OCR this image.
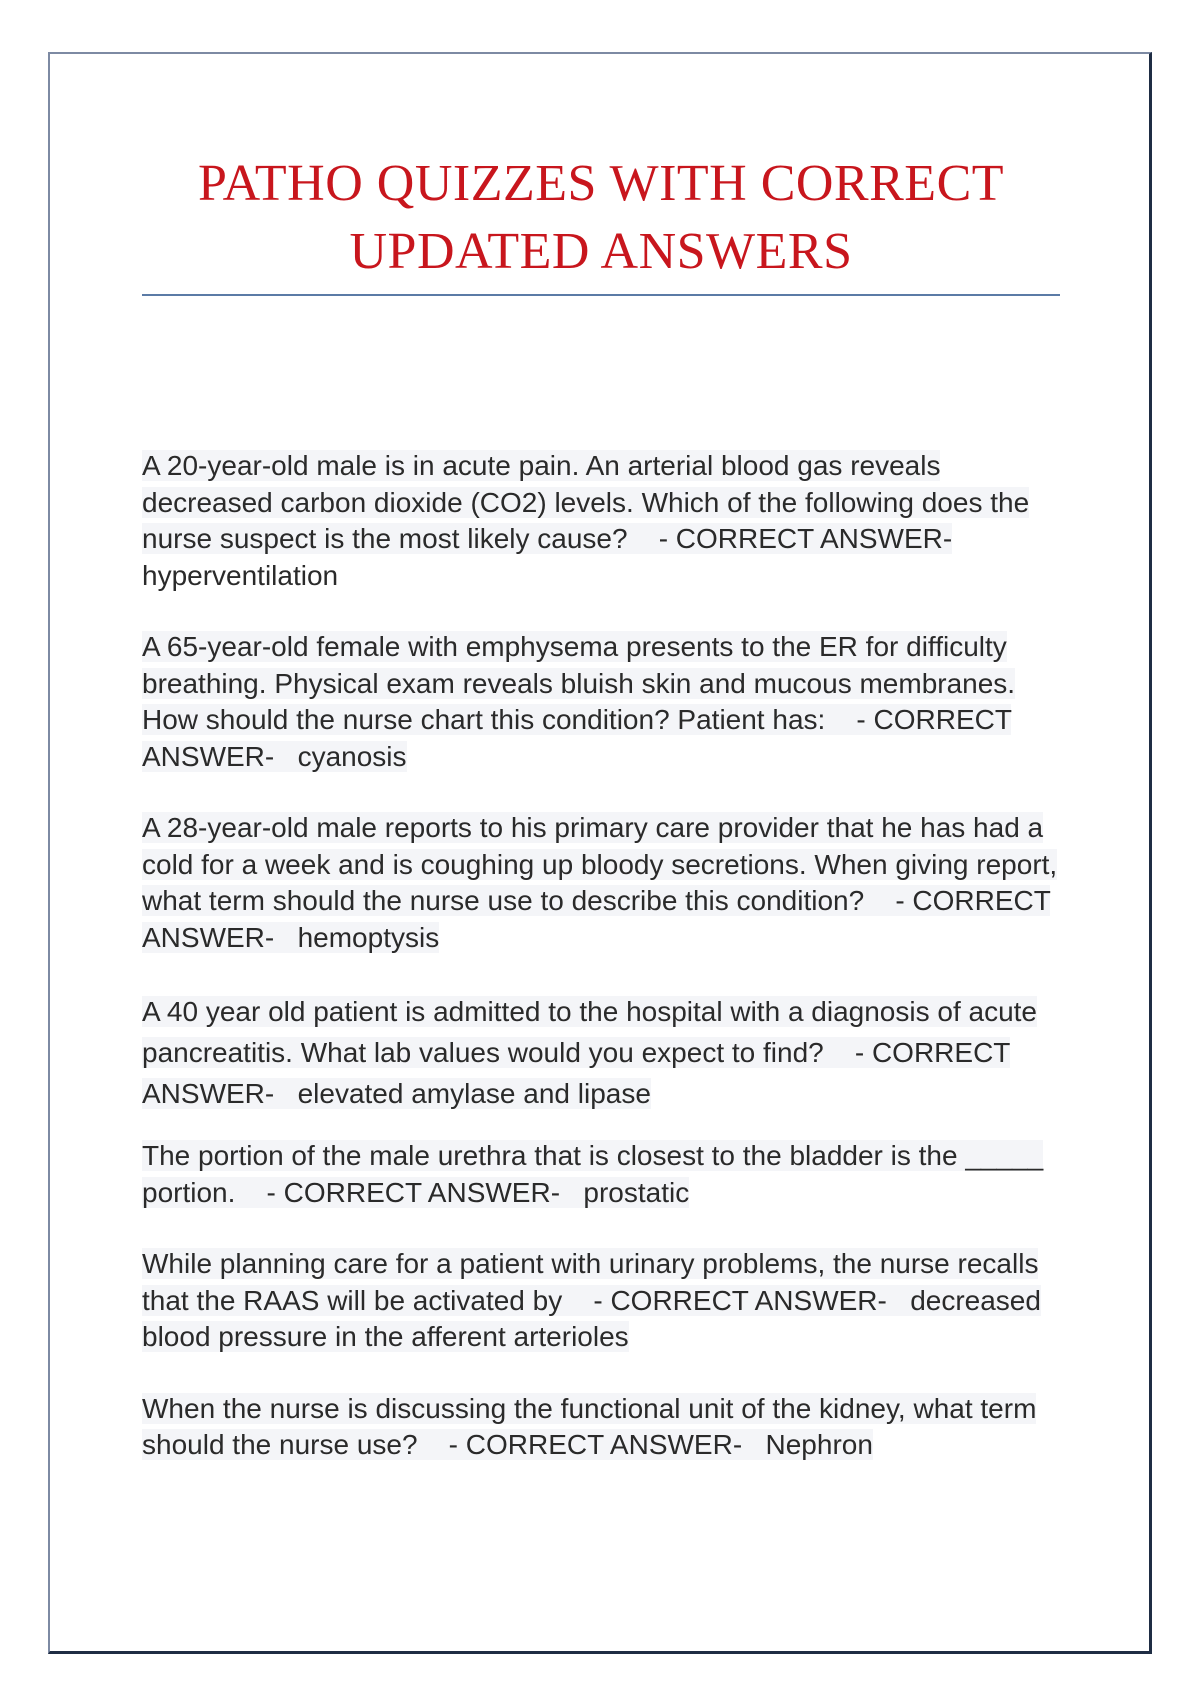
PATHO QUIZZES WITH CORRECT
UPDATED ANSWERS

A 20-year-old male is in acute pain. An arterial blood gas reveals decreased carbon dioxide (CO2) levels. Which of the following does the nurse suspect is the most likely cause? - CORRECT ANSWER-
hyperventilation

A 65-year-old female with emphysema presents to the ER for difficulty breathing. Physical exam reveals bluish skin and mucous membranes. How should the nurse chart this condition? Patient has: - CORRECT ANSWER- cyanosis

A 28-year-old male reports to his primary care provider that he has had a cold for a week and is coughing up bloody secretions. When giving report, what term should the nurse use to describe this condition? - CORRECT ANSWER- hemoptysis

A 40 year old patient is admitted to the hospital with a diagnosis of acute pancreatitis. What lab values would you expect to find? - CORRECT ANSWER- elevated amylase and lipase

The portion of the male urethra that is closest to the bladder is the _____ portion. - CORRECT ANSWER- prostatic

While planning care for a patient with urinary problems, the nurse recalls that the RAAS will be activated by - CORRECT ANSWER- decreased blood pressure in the afferent arterioles

When the nurse is discussing the functional unit of the kidney, what term should the nurse use? - CORRECT ANSWER- Nephron
